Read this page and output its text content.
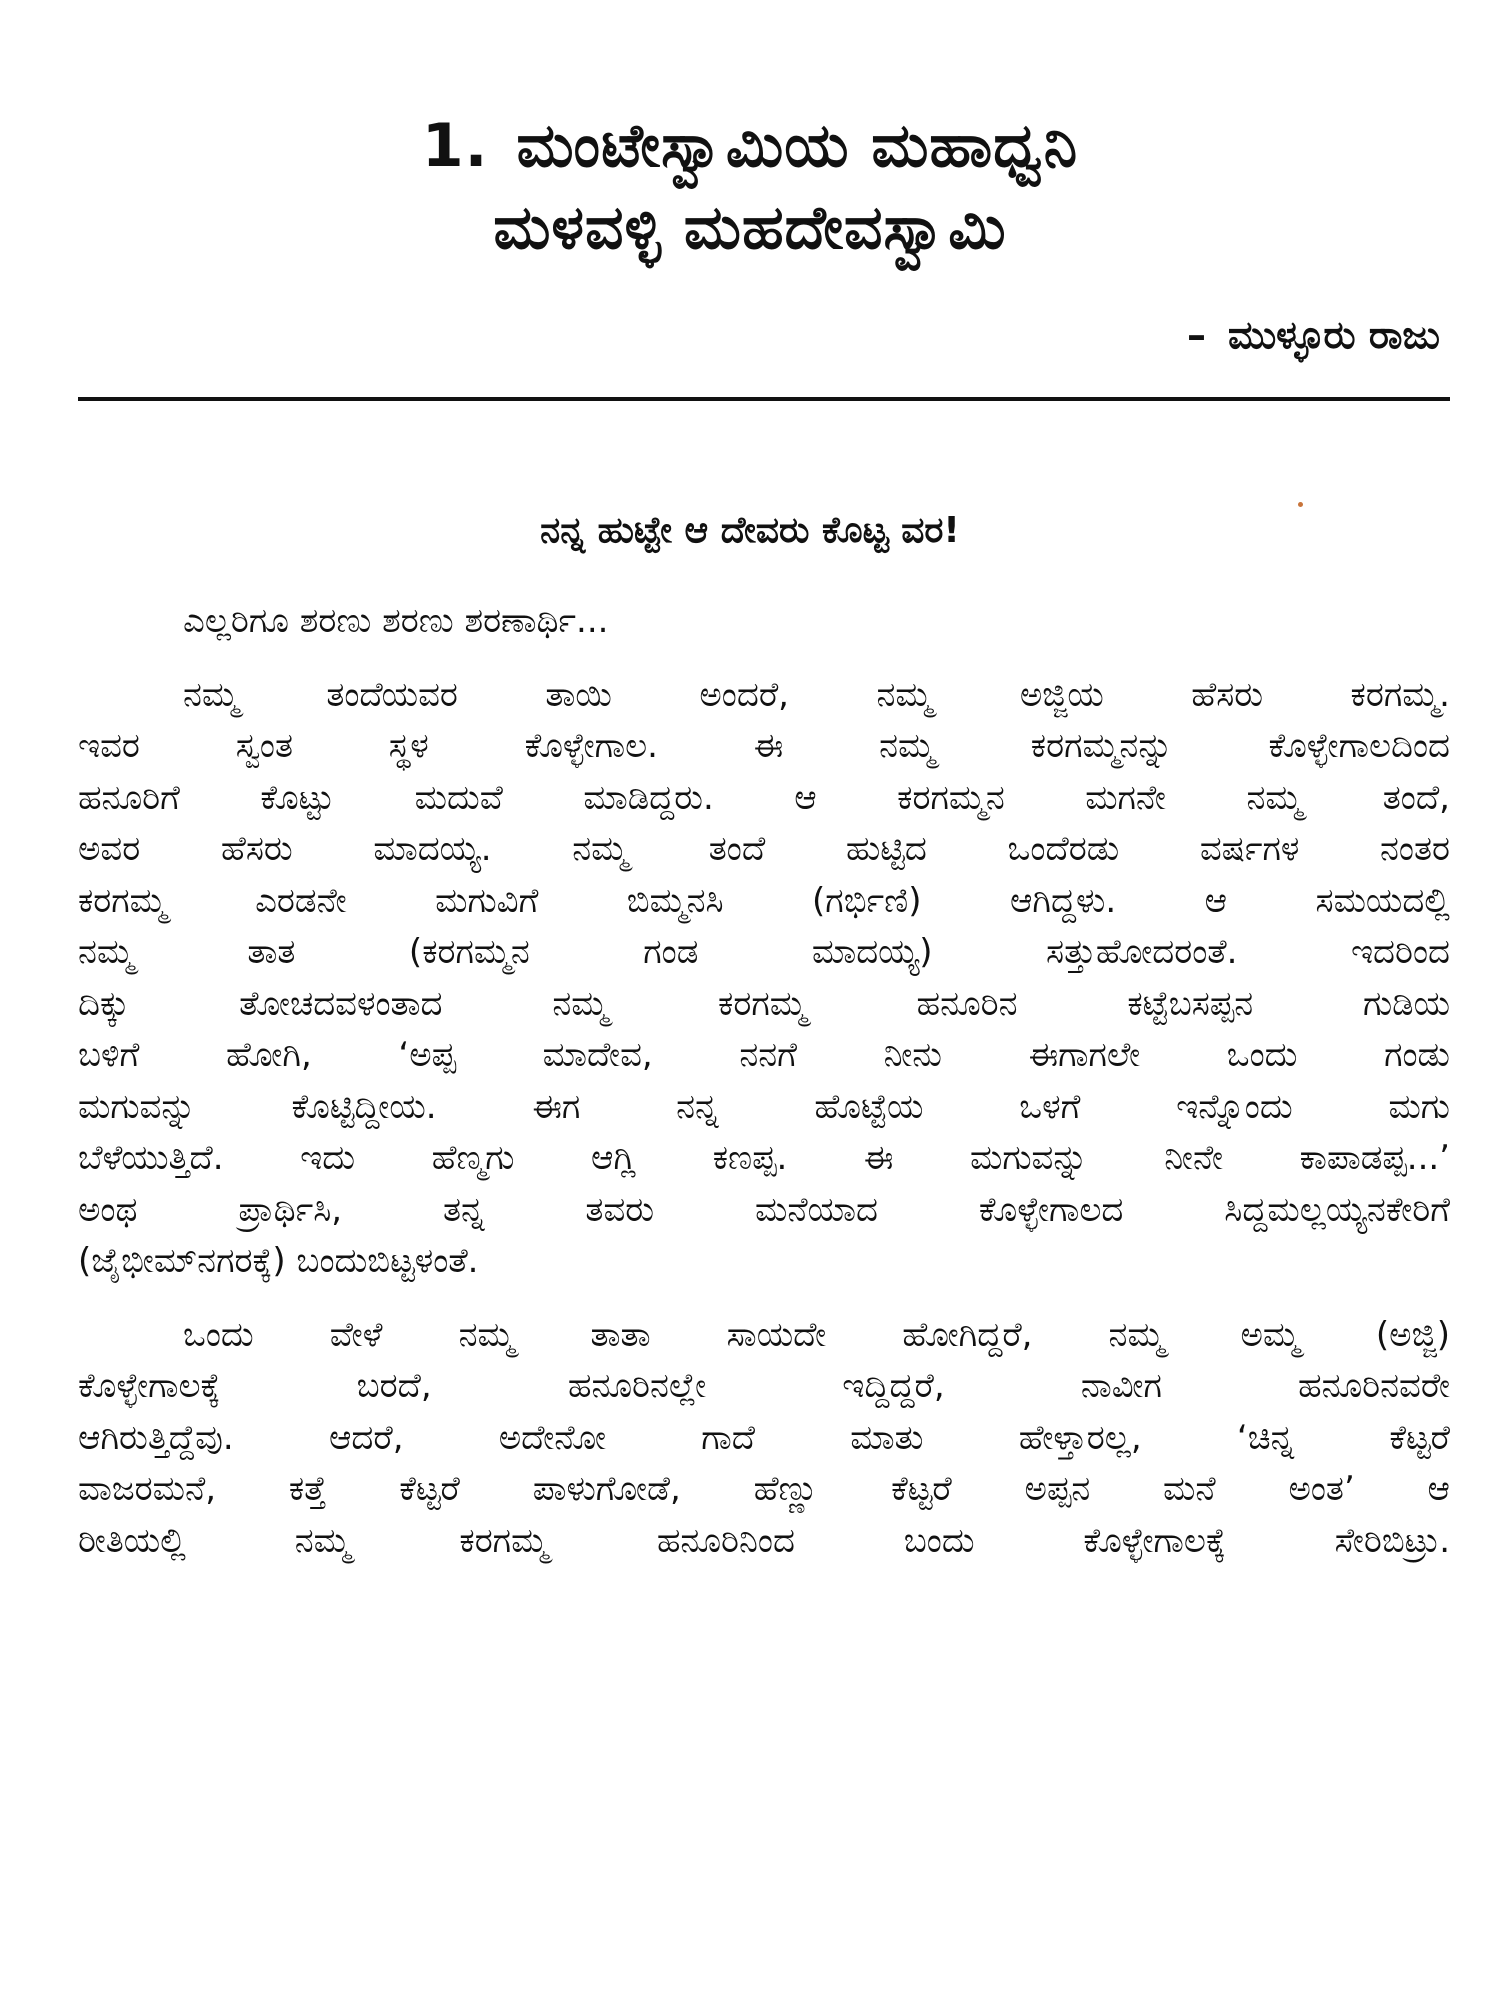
1. ಮಂಟೇಸ್ವಾಮಿಯ ಮಹಾಧ್ವನಿ
ಮಳವಳ್ಳಿ ಮಹದೇವಸ್ವಾಮಿ
– ಮುಳ್ಳೂರು ರಾಜು
ನನ್ನ ಹುಟ್ಟೇ ಆ ದೇವರು ಕೊಟ್ಟ ವರ!
ಎಲ್ಲರಿಗೂ ಶರಣು ಶರಣು ಶರಣಾರ್ಥಿ...
ನಮ್ಮ ತಂದೆಯವರ ತಾಯಿ ಅಂದರೆ, ನಮ್ಮ ಅಜ್ಜಿಯ ಹೆಸರು ಕರಗಮ್ಮ.
ಇವರ ಸ್ವಂತ ಸ್ಥಳ ಕೊಳ್ಳೇಗಾಲ. ಈ ನಮ್ಮ ಕರಗಮ್ಮನನ್ನು ಕೊಳ್ಳೇಗಾಲದಿಂದ
ಹನೂರಿಗೆ ಕೊಟ್ಟು ಮದುವೆ ಮಾಡಿದ್ದರು. ಆ ಕರಗಮ್ಮನ ಮಗನೇ ನಮ್ಮ ತಂದೆ,
ಅವರ ಹೆಸರು ಮಾದಯ್ಯ. ನಮ್ಮ ತಂದೆ ಹುಟ್ಟಿದ ಒಂದೆರಡು ವರ್ಷಗಳ ನಂತರ
ಕರಗಮ್ಮ ಎರಡನೇ ಮಗುವಿಗೆ ಬಿಮ್ಮನಸಿ (ಗರ್ಭಿಣಿ) ಆಗಿದ್ದಳು. ಆ ಸಮಯದಲ್ಲಿ
ನಮ್ಮ ತಾತ (ಕರಗಮ್ಮನ ಗಂಡ ಮಾದಯ್ಯ) ಸತ್ತುಹೋದರಂತೆ. ಇದರಿಂದ
ದಿಕ್ಕು ತೋಚದವಳಂತಾದ ನಮ್ಮ ಕರಗಮ್ಮ ಹನೂರಿನ ಕಟ್ಟೆಬಸಪ್ಪನ ಗುಡಿಯ
ಬಳಿಗೆ ಹೋಗಿ, ‘ಅಪ್ಪ ಮಾದೇವ, ನನಗೆ ನೀನು ಈಗಾಗಲೇ ಒಂದು ಗಂಡು
ಮಗುವನ್ನು ಕೊಟ್ಟಿದ್ದೀಯ. ಈಗ ನನ್ನ ಹೊಟ್ಟೆಯ ಒಳಗೆ ಇನ್ನೊಂದು ಮಗು
ಬೆಳೆಯುತ್ತಿದೆ. ಇದು ಹೆಣ್ಮಗು ಆಗ್ಲಿ ಕಣಪ್ಪ. ಈ ಮಗುವನ್ನು ನೀನೇ ಕಾಪಾಡಪ್ಪ...’
ಅಂಥ ಪ್ರಾರ್ಥಿಸಿ, ತನ್ನ ತವರು ಮನೆಯಾದ ಕೊಳ್ಳೇಗಾಲದ ಸಿದ್ದಮಲ್ಲಯ್ಯನಕೇರಿಗೆ
(ಜೈಭೀಮ್‌ನಗರಕ್ಕೆ) ಬಂದುಬಿಟ್ಟಳಂತೆ.
ಒಂದು ವೇಳೆ ನಮ್ಮ ತಾತಾ ಸಾಯದೇ ಹೋಗಿದ್ದರೆ, ನಮ್ಮ ಅಮ್ಮ (ಅಜ್ಜಿ)
ಕೊಳ್ಳೇಗಾಲಕ್ಕೆ ಬರದೆ, ಹನೂರಿನಲ್ಲೇ ಇದ್ದಿದ್ದರೆ, ನಾವೀಗ ಹನೂರಿನವರೇ
ಆಗಿರುತ್ತಿದ್ದೆವು. ಆದರೆ, ಅದೇನೋ ಗಾದೆ ಮಾತು ಹೇಳ್ತಾರಲ್ಲ, ‘ಚಿನ್ನ ಕೆಟ್ಟರೆ
ವಾಜರಮನೆ, ಕತ್ತೆ ಕೆಟ್ಟರೆ ಪಾಳುಗೋಡೆ, ಹೆಣ್ಣು ಕೆಟ್ಟರೆ ಅಪ್ಪನ ಮನೆ ಅಂತ’ ಆ
ರೀತಿಯಲ್ಲಿ ನಮ್ಮ ಕರಗಮ್ಮ ಹನೂರಿನಿಂದ ಬಂದು ಕೊಳ್ಳೇಗಾಲಕ್ಕೆ ಸೇರಿಬಿಟ್ರು.
